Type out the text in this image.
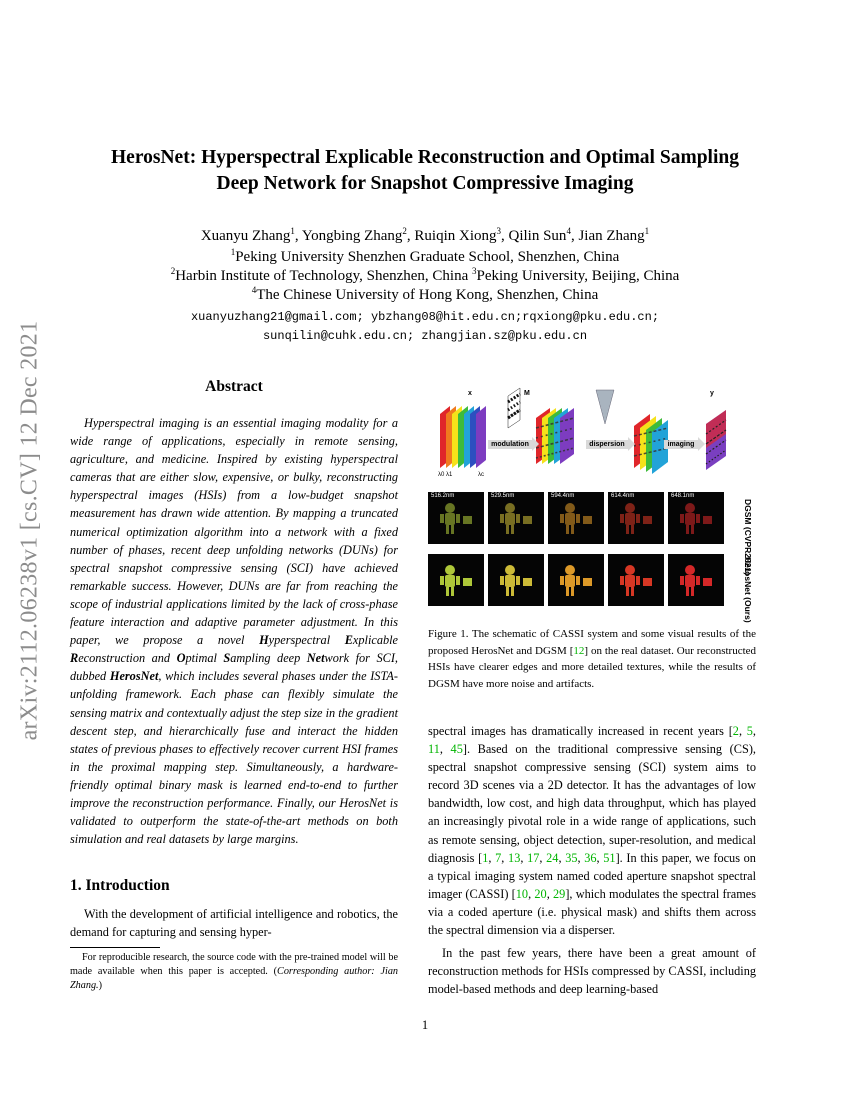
arXiv:2112.06238v1 [cs.CV] 12 Dec 2021
HerosNet: Hyperspectral Explicable Reconstruction and Optimal Sampling
Deep Network for Snapshot Compressive Imaging
Xuanyu Zhang$^1$, Yongbing Zhang$^2$, Ruiqin Xiong$^3$, Qilin Sun$^4$, Jian Zhang$^1$
$^1$Peking University Shenzhen Graduate School, Shenzhen, China
$^2$Harbin Institute of Technology, Shenzhen, China $^3$Peking University, Beijing, China
$^4$The Chinese University of Hong Kong, Shenzhen, China
xuanyuzhang21@gmail.com; ybzhang08@hit.edu.cn;rqxiong@pku.edu.cn;
sunqilin@cuhk.edu.cn; zhangjian.sz@pku.edu.cn
Abstract
Hyperspectral imaging is an essential imaging modality for a wide range of applications, especially in remote sensing, agriculture, and medicine. Inspired by existing hyperspectral cameras that are either slow, expensive, or bulky, reconstructing hyperspectral images (HSIs) from a low-budget snapshot measurement has drawn wide attention. By mapping a truncated numerical optimization algorithm into a network with a fixed number of phases, recent deep unfolding networks (DUNs) for spectral snapshot compressive sensing (SCI) have achieved remarkable success. However, DUNs are far from reaching the scope of industrial applications limited by the lack of cross-phase feature interaction and adaptive parameter adjustment. In this paper, we propose a novel Hyperspectral Explicable Reconstruction and Optimal Sampling deep Network for SCI, dubbed HerosNet, which includes several phases under the ISTA-unfolding framework. Each phase can flexibly simulate the sensing matrix and contextually adjust the step size in the gradient descent step, and hierarchically fuse and interact the hidden states of previous phases to effectively recover current HSI frames in the proximal mapping step. Simultaneously, a hardware-friendly optimal binary mask is learned end-to-end to further improve the reconstruction performance. Finally, our HerosNet is validated to outperform the state-of-the-art methods on both simulation and real datasets by large margins.
1. Introduction
With the development of artificial intelligence and robotics, the demand for capturing and sensing hyper-
For reproducible research, the source code with the pre-trained model will be made available when this paper is accepted. (Corresponding author: Jian Zhang.)
x	M	y
λ0 λ1	λc
modulation	dispersion	imaging
516.2nm	529.5nm	594.4nm	614.4nm	648.1nm
DGSM (CVPR2021)
HerosNet (Ours)
Figure 1. The schematic of CASSI system and some visual results of the proposed HerosNet and DGSM [12] on the real dataset. Our reconstructed HSIs have clearer edges and more detailed textures, while the results of DGSM have more noise and artifacts.

spectral images has dramatically increased in recent years [2, 5, 11, 45]. Based on the traditional compressive sensing (CS), spectral snapshot compressive sensing (SCI) system aims to record 3D scenes via a 2D detector. It has the advantages of low bandwidth, low cost, and high data throughput, which has played an increasingly pivotal role in a wide range of applications, such as remote sensing, object detection, super-resolution, and medical diagnosis [1, 7, 13, 17, 24, 35, 36, 51]. In this paper, we focus on a typical imaging system named coded aperture snapshot spectral imager (CASSI) [10, 20, 29], which modulates the spectral frames via a coded aperture (i.e. physical mask) and shifts them across the spectral dimension via a disperser.

In the past few years, there have been a great amount of reconstruction methods for HSIs compressed by CASSI, including model-based methods and deep learning-based

1
